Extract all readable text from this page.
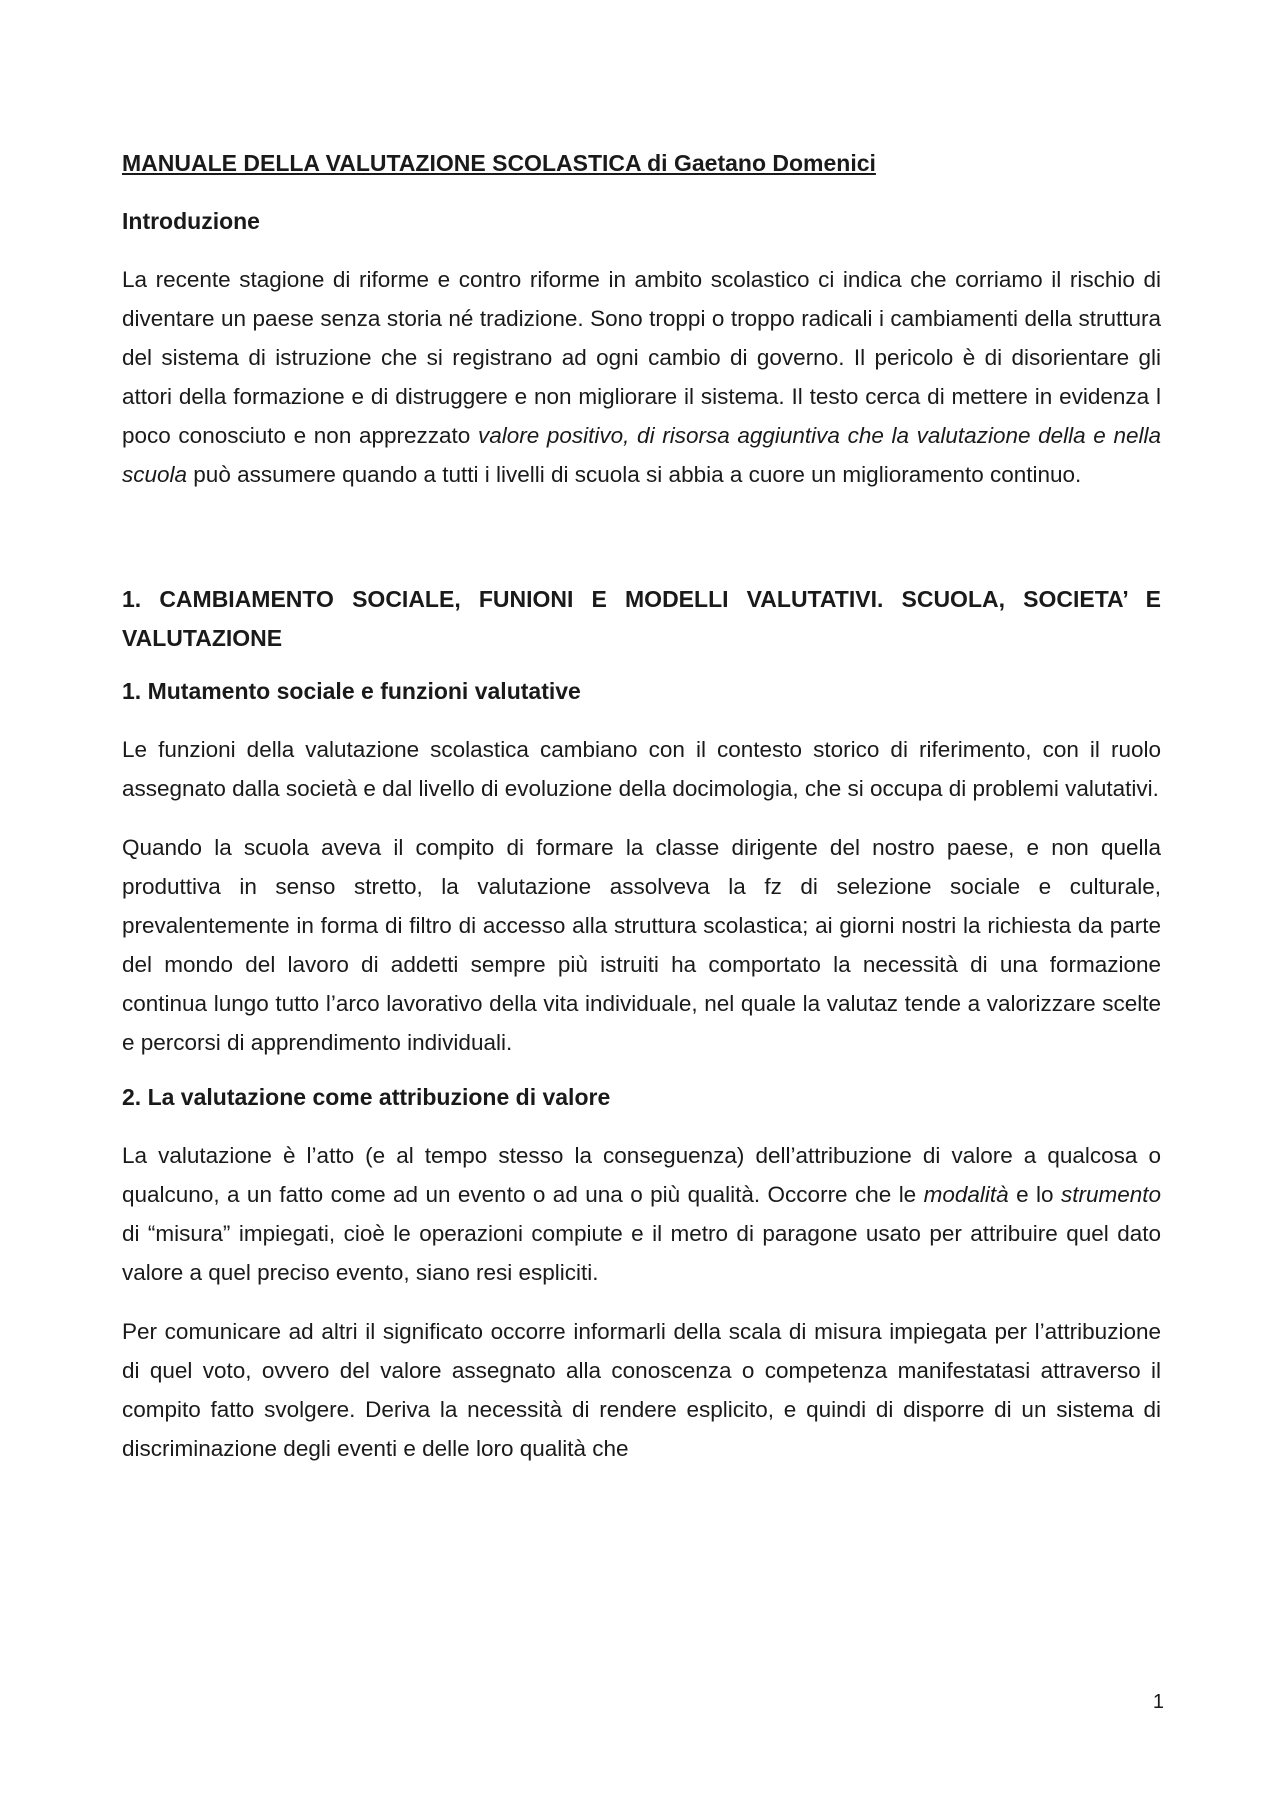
MANUALE DELLA VALUTAZIONE SCOLASTICA di Gaetano Domenici
Introduzione

La recente stagione di riforme e contro riforme in ambito scolastico ci indica che corriamo il rischio di diventare un paese senza storia né tradizione. Sono troppi o troppo radicali i cambiamenti della struttura del sistema di istruzione che si registrano ad ogni cambio di governo. Il pericolo è di disorientare gli attori della formazione e di distruggere e non migliorare il sistema. Il testo cerca di mettere in evidenza l poco conosciuto e non apprezzato valore positivo, di risorsa aggiuntiva che la valutazione della e nella scuola può assumere quando a tutti i livelli di scuola si abbia a cuore un miglioramento continuo.

1. CAMBIAMENTO SOCIALE, FUNIONI E MODELLI VALUTATIVI. SCUOLA, SOCIETA’ E VALUTAZIONE
1. Mutamento sociale e funzioni valutative

Le funzioni della valutazione scolastica cambiano con il contesto storico di riferimento, con il ruolo assegnato dalla società e dal livello di evoluzione della docimologia, che si occupa di problemi valutativi.

Quando la scuola aveva il compito di formare la classe dirigente del nostro paese, e non quella produttiva in senso stretto, la valutazione assolveva la fz di selezione sociale e culturale, prevalentemente in forma di filtro di accesso alla struttura scolastica; ai giorni nostri la richiesta da parte del mondo del lavoro di addetti sempre più istruiti ha comportato la necessità di una formazione continua lungo tutto l’arco lavorativo della vita individuale, nel quale la valutaz tende a valorizzare scelte e percorsi di apprendimento individuali.

2. La valutazione come attribuzione di valore

La valutazione è l’atto (e al tempo stesso la conseguenza) dell’attribuzione di valore a qualcosa o qualcuno, a un fatto come ad un evento o ad una o più qualità. Occorre che le modalità e lo strumento di “misura” impiegati, cioè le operazioni compiute e il metro di paragone usato per attribuire quel dato valore a quel preciso evento, siano resi espliciti.

Per comunicare ad altri il significato occorre informarli della scala di misura impiegata per l’attribuzione di quel voto, ovvero del valore assegnato alla conoscenza o competenza manifestatasi attraverso il compito fatto svolgere. Deriva la necessità di rendere esplicito, e quindi di disporre di un sistema di discriminazione degli eventi e delle loro qualità che

1
